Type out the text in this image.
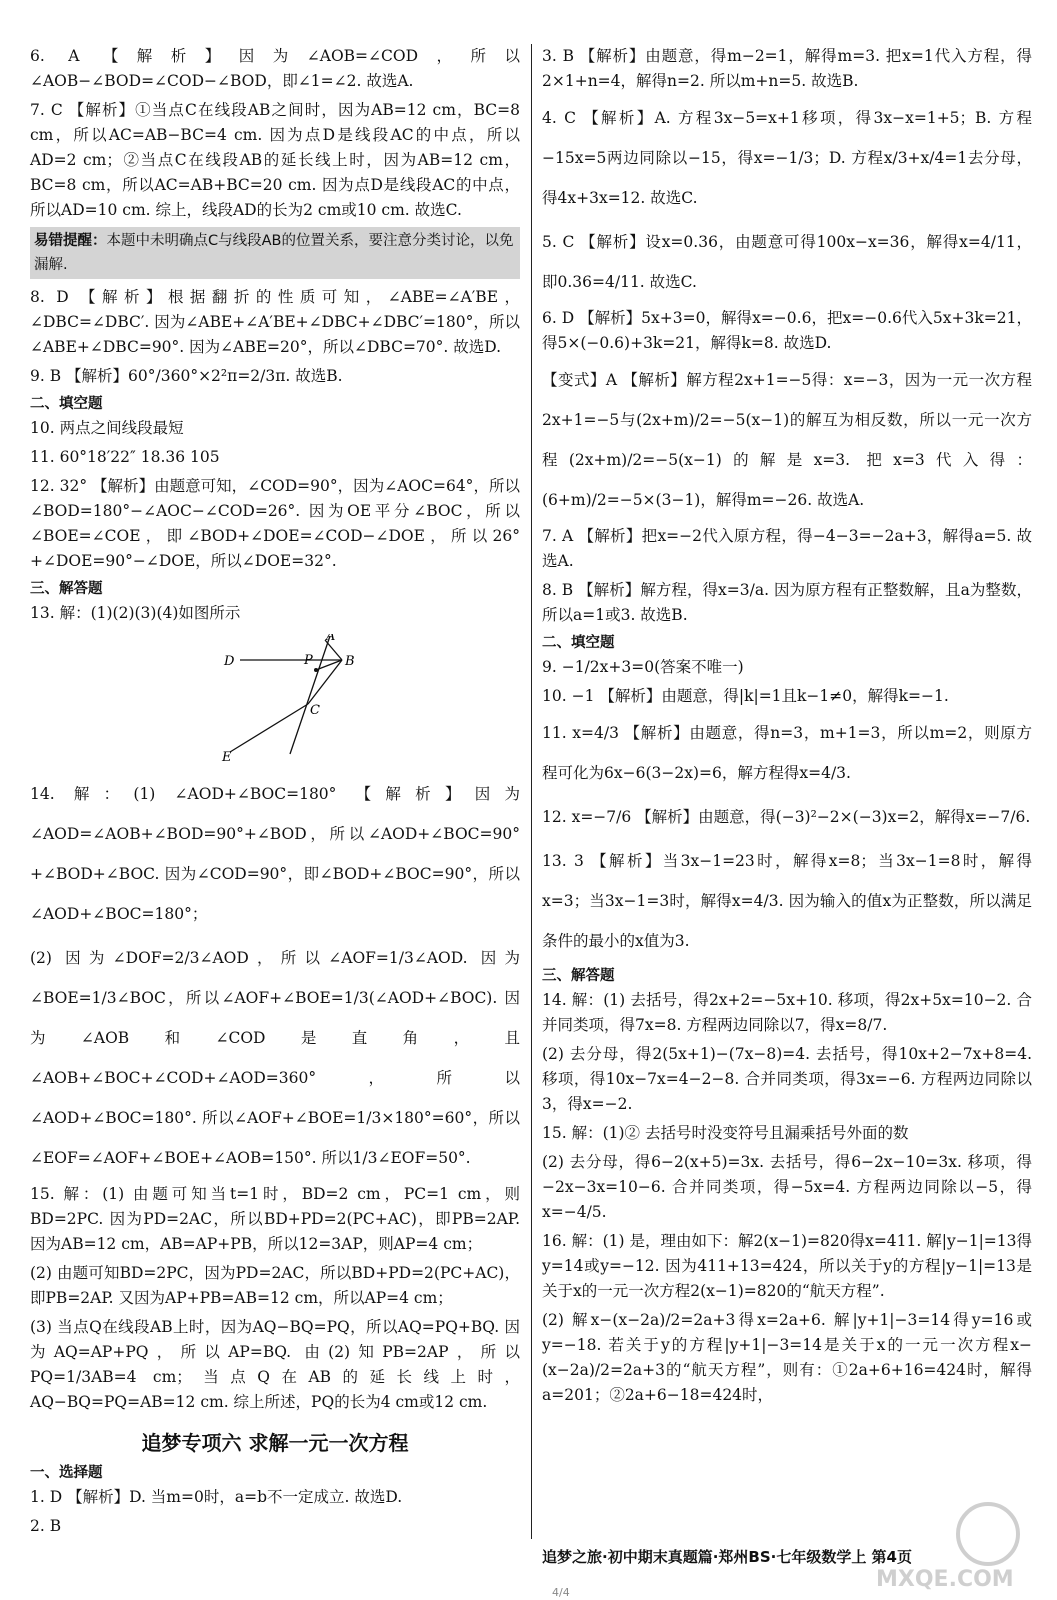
6. A 【解析】因为∠AOB=∠COD，所以∠AOB−∠BOD=∠COD−∠BOD，即∠1=∠2. 故选A.
7. C 【解析】①当点C在线段AB之间时，因为AB=12 cm，BC=8 cm，所以AC=AB−BC=4 cm. 因为点D是线段AC的中点，所以AD=2 cm；②当点C在线段AB的延长线上时，因为AB=12 cm，BC=8 cm，所以AC=AB+BC=20 cm. 因为点D是线段AC的中点，所以AD=10 cm. 综上，线段AD的长为2 cm或10 cm. 故选C.
易错提醒：本题中未明确点C与线段AB的位置关系，要注意分类讨论，以免漏解.
8. D 【解析】根据翻折的性质可知，∠ABE=∠A′BE，∠DBC=∠DBC′. 因为∠ABE+∠A′BE+∠DBC+∠DBC′=180°，所以∠ABE+∠DBC=90°. 因为∠ABE=20°，所以∠DBC=70°. 故选D.
9. B 【解析】60°/360°×2²π=2/3π. 故选B.
二、填空题
10. 两点之间线段最短
11. 60°18′22″ 18.36 105
12. 32° 【解析】由题意可知，∠COD=90°，因为∠AOC=64°，所以∠BOD=180°−∠AOC−∠COD=26°. 因为OE平分∠BOC，所以∠BOE=∠COE，即∠BOD+∠DOE=∠COD−∠DOE，所以26°+∠DOE=90°−∠DOE，所以∠DOE=32°.
三、解答题
13. 解：(1)(2)(3)(4)如图所示
A
B
C
D
E
P
14. 解：(1) ∠AOD+∠BOC=180° 【解析】因为∠AOD=∠AOB+∠BOD=90°+∠BOD，所以∠AOD+∠BOC=90°+∠BOD+∠BOC. 因为∠COD=90°，即∠BOD+∠BOC=90°，所以∠AOD+∠BOC=180°；
(2) 因为∠DOF=2/3∠AOD，所以∠AOF=1/3∠AOD. 因为∠BOE=1/3∠BOC，所以∠AOF+∠BOE=1/3(∠AOD+∠BOC). 因为∠AOB和∠COD是直角，且∠AOB+∠BOC+∠COD+∠AOD=360°，所以∠AOD+∠BOC=180°. 所以∠AOF+∠BOE=1/3×180°=60°，所以∠EOF=∠AOF+∠BOE+∠AOB=150°. 所以1/3∠EOF=50°.
15. 解：(1) 由题可知当t=1时，BD=2 cm，PC=1 cm，则BD=2PC. 因为PD=2AC，所以BD+PD=2(PC+AC)，即PB=2AP. 因为AB=12 cm，AB=AP+PB，所以12=3AP，则AP=4 cm；
(2) 由题可知BD=2PC，因为PD=2AC，所以BD+PD=2(PC+AC)，即PB=2AP. 又因为AP+PB=AB=12 cm，所以AP=4 cm；
(3) 当点Q在线段AB上时，因为AQ−BQ=PQ，所以AQ=PQ+BQ. 因为AQ=AP+PQ，所以AP=BQ. 由(2)知PB=2AP，所以PQ=1/3AB=4 cm；当点Q在AB的延长线上时，AQ−BQ=PQ=AB=12 cm. 综上所述，PQ的长为4 cm或12 cm.
追梦专项六 求解一元一次方程
一、选择题
1. D 【解析】D. 当m=0时，a=b不一定成立. 故选D.
2. B
3. B 【解析】由题意，得m−2=1，解得m=3. 把x=1代入方程，得2×1+n=4，解得n=2. 所以m+n=5. 故选B.
4. C 【解析】A. 方程3x−5=x+1移项，得3x−x=1+5；B. 方程−15x=5两边同除以−15，得x=−1/3；D. 方程x/3+x/4=1去分母，得4x+3x=12. 故选C.
5. C 【解析】设x=0.36，由题意可得100x−x=36，解得x=4/11，即0.36=4/11. 故选C.
6. D 【解析】5x+3=0，解得x=−0.6，把x=−0.6代入5x+3k=21，得5×(−0.6)+3k=21，解得k=8. 故选D.
【变式】A 【解析】解方程2x+1=−5得：x=−3，因为一元一次方程2x+1=−5与(2x+m)/2=−5(x−1)的解互为相反数，所以一元一次方程(2x+m)/2=−5(x−1)的解是x=3. 把x=3代入得：(6+m)/2=−5×(3−1)，解得m=−26. 故选A.
7. A 【解析】把x=−2代入原方程，得−4−3=−2a+3，解得a=5. 故选A.
8. B 【解析】解方程，得x=3/a. 因为原方程有正整数解，且a为整数，所以a=1或3. 故选B.
二、填空题
9. −1/2x+3=0(答案不唯一)
10. −1 【解析】由题意，得|k|=1且k−1≠0，解得k=−1.
11. x=4/3 【解析】由题意，得n=3，m+1=3，所以m=2，则原方程可化为6x−6(3−2x)=6，解方程得x=4/3.
12. x=−7/6 【解析】由题意，得(−3)²−2×(−3)x=2，解得x=−7/6.
13. 3 【解析】当3x−1=23时，解得x=8；当3x−1=8时，解得x=3；当3x−1=3时，解得x=4/3. 因为输入的值x为正整数，所以满足条件的最小的x值为3.
三、解答题
14. 解：(1) 去括号，得2x+2=−5x+10. 移项，得2x+5x=10−2. 合并同类项，得7x=8. 方程两边同除以7，得x=8/7.
(2) 去分母，得2(5x+1)−(7x−8)=4. 去括号，得10x+2−7x+8=4. 移项，得10x−7x=4−2−8. 合并同类项，得3x=−6. 方程两边同除以3，得x=−2.
15. 解：(1)② 去括号时没变符号且漏乘括号外面的数
(2) 去分母，得6−2(x+5)=3x. 去括号，得6−2x−10=3x. 移项，得−2x−3x=10−6. 合并同类项，得−5x=4. 方程两边同除以−5，得x=−4/5.
16. 解：(1) 是，理由如下：解2(x−1)=820得x=411. 解|y−1|=13得y=14或y=−12. 因为411+13=424，所以关于y的方程|y−1|=13是关于x的一元一次方程2(x−1)=820的“航天方程”.
(2) 解x−(x−2a)/2=2a+3得x=2a+6. 解|y+1|−3=14得y=16或y=−18. 若关于y的方程|y+1|−3=14是关于x的一元一次方程x−(x−2a)/2=2a+3的“航天方程”，则有：①2a+6+16=424时，解得a=201；②2a+6−18=424时，
追梦之旅·初中期末真题篇·郑州BS·七年级数学上 第4页
4/4
MXQE.COM
